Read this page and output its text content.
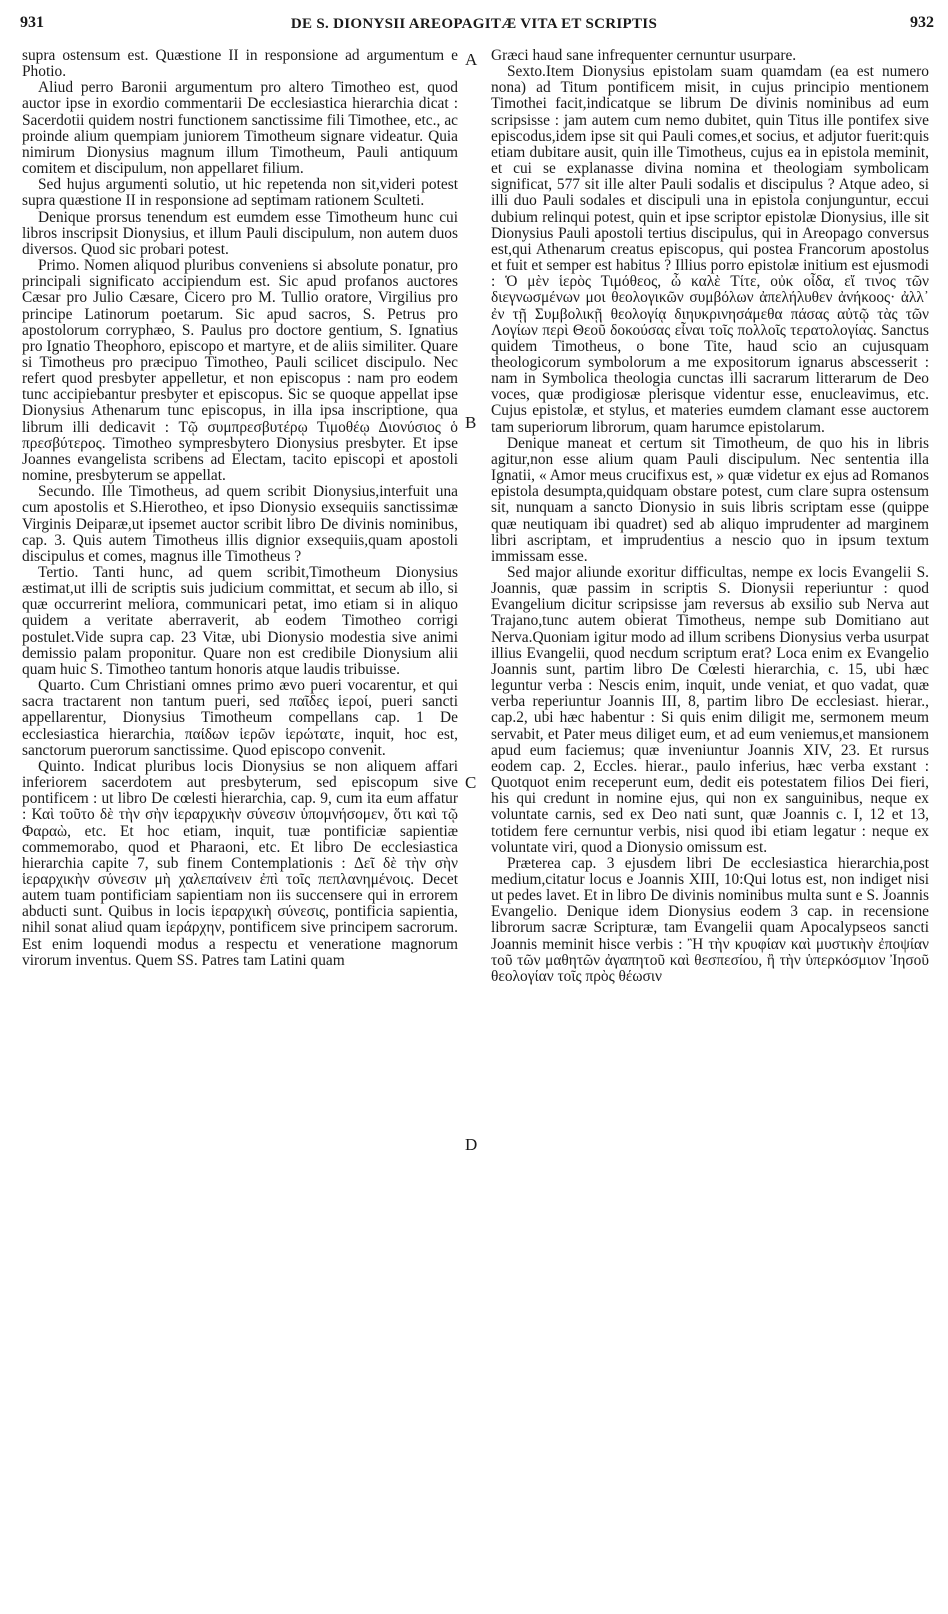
931	DE S. DIONYSII AREOPAGITÆ VITA ET SCRIPTIS	932

supra ostensum est. Quæstione II in responsione ad argumentum e Photio.

Aliud perro Baronii argumentum pro altero Timotheo est, quod auctor ipse in exordio commentarii De ecclesiastica hierarchia dicat : Sacerdotii quidem nostri functionem sanctissime fili Timothee, etc., ac proinde alium quempiam juniorem Timotheum signare videatur. Quia nimirum Dionysius magnum illum Timotheum, Pauli antiquum comitem et discipulum, non appellaret filium.

Sed hujus argumenti solutio, ut hic repetenda non sit,videri potest supra quæstione II in responsione ad septimam rationem Sculteti.

Denique prorsus tenendum est eumdem esse Timotheum hunc cui libros inscripsit Dionysius, et illum Pauli discipulum, non autem duos diversos. Quod sic probari potest.

Primo. Nomen aliquod pluribus conveniens si absolute ponatur, pro principali significato accipiendum est. Sic apud profanos auctores Cæsar pro Julio Cæsare, Cicero pro M. Tullio oratore, Virgilius pro principe Latinorum poetarum. Sic apud sacros, S. Petrus pro apostolorum corryphæo, S. Paulus pro doctore gentium, S. Ignatius pro Ignatio Theophoro, episcopo et martyre, et de aliis similiter. Quare si Timotheus pro præcipuo Timotheo, Pauli scilicet discipulo. Nec refert quod presbyter appelletur, et non episcopus : nam pro eodem tunc accipiebantur presbyter et episcopus. Sic se quoque appellat ipse Dionysius Athenarum tunc episcopus, in illa ipsa inscriptione, qua librum illi dedicavit : Τῷ συμπρεσβυτέρῳ Τιμοθέῳ Διονύσιος ὁ πρεσβύτερος. Timotheo sympresbytero Dionysius presbyter. Et ipse Joannes evangelista scribens ad Electam, tacito episcopi et apostoli nomine, presbyterum se appellat.

Secundo. Ille Timotheus, ad quem scribit Dionysius,interfuit una cum apostolis et S.Hierotheo, et ipso Dionysio exsequiis sanctissimæ Virginis Deiparæ,ut ipsemet auctor scribit libro De divinis nominibus, cap. 3. Quis autem Timotheus illis dignior exsequiis,quam apostoli discipulus et comes, magnus ille Timotheus ?

Tertio. Tanti hunc, ad quem scribit,Timotheum Dionysius æstimat,ut illi de scriptis suis judicium committat, et secum ab illo, si quæ occurrerint meliora, communicari petat, imo etiam si in aliquo quidem a veritate aberraverit, ab eodem Timotheo corrigi postulet.Vide supra cap. 23 Vitæ, ubi Dionysio modestia sive animi demissio palam proponitur. Quare non est credibile Dionysium alii quam huic S. Timotheo tantum honoris atque laudis tribuisse.

Quarto. Cum Christiani omnes primo ævo pueri vocarentur, et qui sacra tractarent non tantum pueri, sed παῖδες ἱεροί, pueri sancti appellarentur, Dionysius Timotheum compellans cap. 1 De ecclesiastica hierarchia, παίδων ἱερῶν ἱερώτατε, inquit, hoc est, sanctorum puerorum sanctissime. Quod episcopo convenit.

Quinto. Indicat pluribus locis Dionysius se non aliquem affari inferiorem sacerdotem aut presbyterum, sed episcopum sive pontificem : ut libro De cœlesti hierarchia, cap. 9, cum ita eum affatur : Καὶ τοῦτο δὲ τὴν σὴν ἱεραρχικὴν σύνεσιν ὑπομνήσομεν, ὅτι καὶ τῷ Φαραὼ, etc. Et hoc etiam, inquit, tuæ pontificiæ sapientiæ commemorabo, quod et Pharaoni, etc. Et libro De ecclesiastica hierarchia capite 7, sub finem Contemplationis : Δεῖ δὲ τὴν σὴν ἱεραρχικὴν σύνεσιν μὴ χαλεπαίνειν ἐπὶ τοῖς πεπλανημένοις. Decet autem tuam pontificiam sapientiam non iis succensere qui in errorem abducti sunt. Quibus in locis ἱεραρχικὴ σύνεσις, pontificia sapientia, nihil sonat aliud quam ἱεράρχην, pontificem sive principem sacrorum. Est enim loquendi modus a respectu et veneratione magnorum virorum inventus. Quem SS. Patres tam Latini quam

A
B
C
D

Græci haud sane infrequenter cernuntur usurpare.

Sexto.Item Dionysius epistolam suam quamdam (ea est numero nona) ad Titum pontificem misit, in cujus principio mentionem Timothei facit,indicatque se librum De divinis nominibus ad eum scripsisse : jam autem cum nemo dubitet, quin Titus ille pontifex sive episcodus,idem ipse sit qui Pauli comes,et socius, et adjutor fuerit:quis etiam dubitare ausit, quin ille Timotheus, cujus ea in epistola meminit, et cui se explanasse divina nomina et theologiam symbolicam significat, 577 sit ille alter Pauli sodalis et discipulus ? Atque adeo, si illi duo Pauli sodales et discipuli una in epistola conjunguntur, eccui dubium relinqui potest, quin et ipse scriptor epistolæ Dionysius, ille sit Dionysius Pauli apostoli tertius discipulus, qui in Areopago conversus est,qui Athenarum creatus episcopus, qui postea Francorum apostolus et fuit et semper est habitus ? Illius porro epistolæ initium est ejusmodi : Ὁ μὲν ἱερὸς Τιμόθεος, ὦ καλὲ Τίτε, οὐκ οἶδα, εἴ τινος τῶν διεγνωσμένων μοι θεολογικῶν συμβόλων ἀπελήλυθεν ἀνήκοος· ἀλλ᾽ ἐν τῇ Συμβολικῇ θεολογίᾳ διηυκρινησάμεθα πάσας αὐτῷ τὰς τῶν Λογίων περὶ Θεοῦ δοκούσας εἶναι τοῖς πολλοῖς τερατολογίας. Sanctus quidem Timotheus, o bone Tite, haud scio an cujusquam theologicorum symbolorum a me expositorum ignarus abscesserit : nam in Symbolica theologia cunctas illi sacrarum litterarum de Deo voces, quæ prodigiosæ plerisque videntur esse, enucleavimus, etc. Cujus epistolæ, et stylus, et materies eumdem clamant esse auctorem tam superiorum librorum, quam harumce epistolarum.

Denique maneat et certum sit Timotheum, de quo his in libris agitur,non esse alium quam Pauli discipulum. Nec sententia illa Ignatii, « Amor meus crucifixus est, » quæ videtur ex ejus ad Romanos epistola desumpta,quidquam obstare potest, cum clare supra ostensum sit, nunquam a sancto Dionysio in suis libris scriptam esse (quippe quæ neutiquam ibi quadret) sed ab aliquo imprudenter ad marginem libri ascriptam, et imprudentius a nescio quo in ipsum textum immissam esse.

Sed major aliunde exoritur difficultas, nempe ex locis Evangelii S. Joannis, quæ passim in scriptis S. Dionysii reperiuntur : quod Evangelium dicitur scripsisse jam reversus ab exsilio sub Nerva aut Trajano,tunc autem obierat Timotheus, nempe sub Domitiano aut Nerva.Quoniam igitur modo ad illum scribens Dionysius verba usurpat illius Evangelii, quod necdum scriptum erat? Loca enim ex Evangelio Joannis sunt, partim libro De Cœlesti hierarchia, c. 15, ubi hæc leguntur verba : Nescis enim, inquit, unde veniat, et quo vadat, quæ verba reperiuntur Joannis III, 8, partim libro De ecclesiast. hierar., cap.2, ubi hæc habentur : Si quis enim diligit me, sermonem meum servabit, et Pater meus diliget eum, et ad eum veniemus,et mansionem apud eum faciemus; quæ inveniuntur Joannis XIV, 23. Et rursus eodem cap. 2, Eccles. hierar., paulo inferius, hæc verba exstant : Quotquot enim receperunt eum, dedit eis potestatem filios Dei fieri, his qui credunt in nomine ejus, qui non ex sanguinibus, neque ex voluntate carnis, sed ex Deo nati sunt, quæ Joannis c. I, 12 et 13, totidem fere cernuntur verbis, nisi quod ibi etiam legatur : neque ex voluntate viri, quod a Dionysio omissum est.

Præterea cap. 3 ejusdem libri De ecclesiastica hierarchia,post medium,citatur locus e Joannis XIII, 10:Qui lotus est, non indiget nisi ut pedes lavet. Et in libro De divinis nominibus multa sunt e S. Joannis Evangelio. Denique idem Dionysius eodem 3 cap. in recensione librorum sacræ Scripturæ, tam Evangelii quam Apocalypseos sancti Joannis meminit hisce verbis : Ἢ τὴν κρυφίαν καὶ μυστικὴν ἐποψίαν τοῦ τῶν μαθητῶν ἀγαπητοῦ καὶ θεσπεσίου, ἢ τὴν ὑπερκόσμιον Ἰησοῦ θεολογίαν τοῖς πρὸς θέωσιν
